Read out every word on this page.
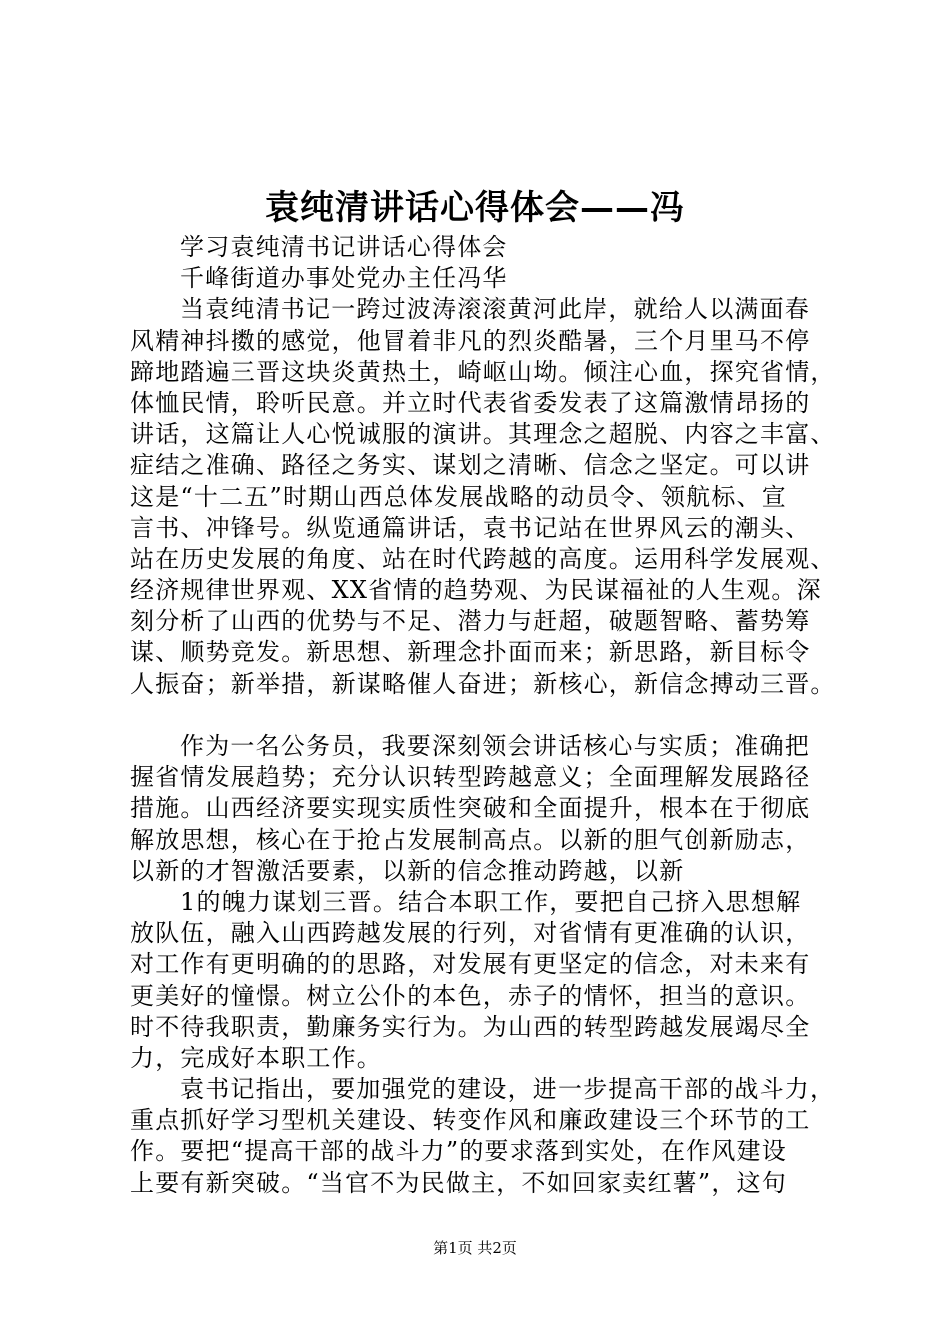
袁纯清讲话心得体会——冯
学习袁纯清书记讲话心得体会
千峰街道办事处党办主任冯华
当袁纯清书记一跨过波涛滚滚黄河此岸，就给人以满面春
风精神抖擞的感觉，他冒着非凡的烈炎酷暑，三个月里马不停
蹄地踏遍三晋这块炎黄热土，崎岖山坳。倾注心血，探究省情，
体恤民情，聆听民意。并立时代表省委发表了这篇激情昂扬的
讲话，这篇让人心悦诚服的演讲。其理念之超脱、内容之丰富、
症结之准确、路径之务实、谋划之清晰、信念之坚定。可以讲
这是“十二五”时期山西总体发展战略的动员令、领航标、宣
言书、冲锋号。纵览通篇讲话，袁书记站在世界风云的潮头、
站在历史发展的角度、站在时代跨越的高度。运用科学发展观、
经济规律世界观、XX省情的趋势观、为民谋福祉的人生观。深
刻分析了山西的优势与不足、潜力与赶超，破题智略、蓄势筹
谋、顺势竞发。新思想、新理念扑面而来；新思路，新目标令
人振奋；新举措，新谋略催人奋进；新核心，新信念搏动三晋。
作为一名公务员，我要深刻领会讲话核心与实质；准确把
握省情发展趋势；充分认识转型跨越意义；全面理解发展路径
措施。山西经济要实现实质性突破和全面提升，根本在于彻底
解放思想，核心在于抢占发展制高点。以新的胆气创新励志，
以新的才智激活要素，以新的信念推动跨越，以新
1的魄力谋划三晋。结合本职工作，要把自己挤入思想解
放队伍，融入山西跨越发展的行列，对省情有更准确的认识，
对工作有更明确的的思路，对发展有更坚定的信念，对未来有
更美好的憧憬。树立公仆的本色，赤子的情怀，担当的意识。
时不待我职责，勤廉务实行为。为山西的转型跨越发展竭尽全
力，完成好本职工作。
袁书记指出，要加强党的建设，进一步提高干部的战斗力，
重点抓好学习型机关建设、转变作风和廉政建设三个环节的工
作。要把“提高干部的战斗力”的要求落到实处，在作风建设
上要有新突破。“当官不为民做主，不如回家卖红薯”，这句
第1页 共2页
